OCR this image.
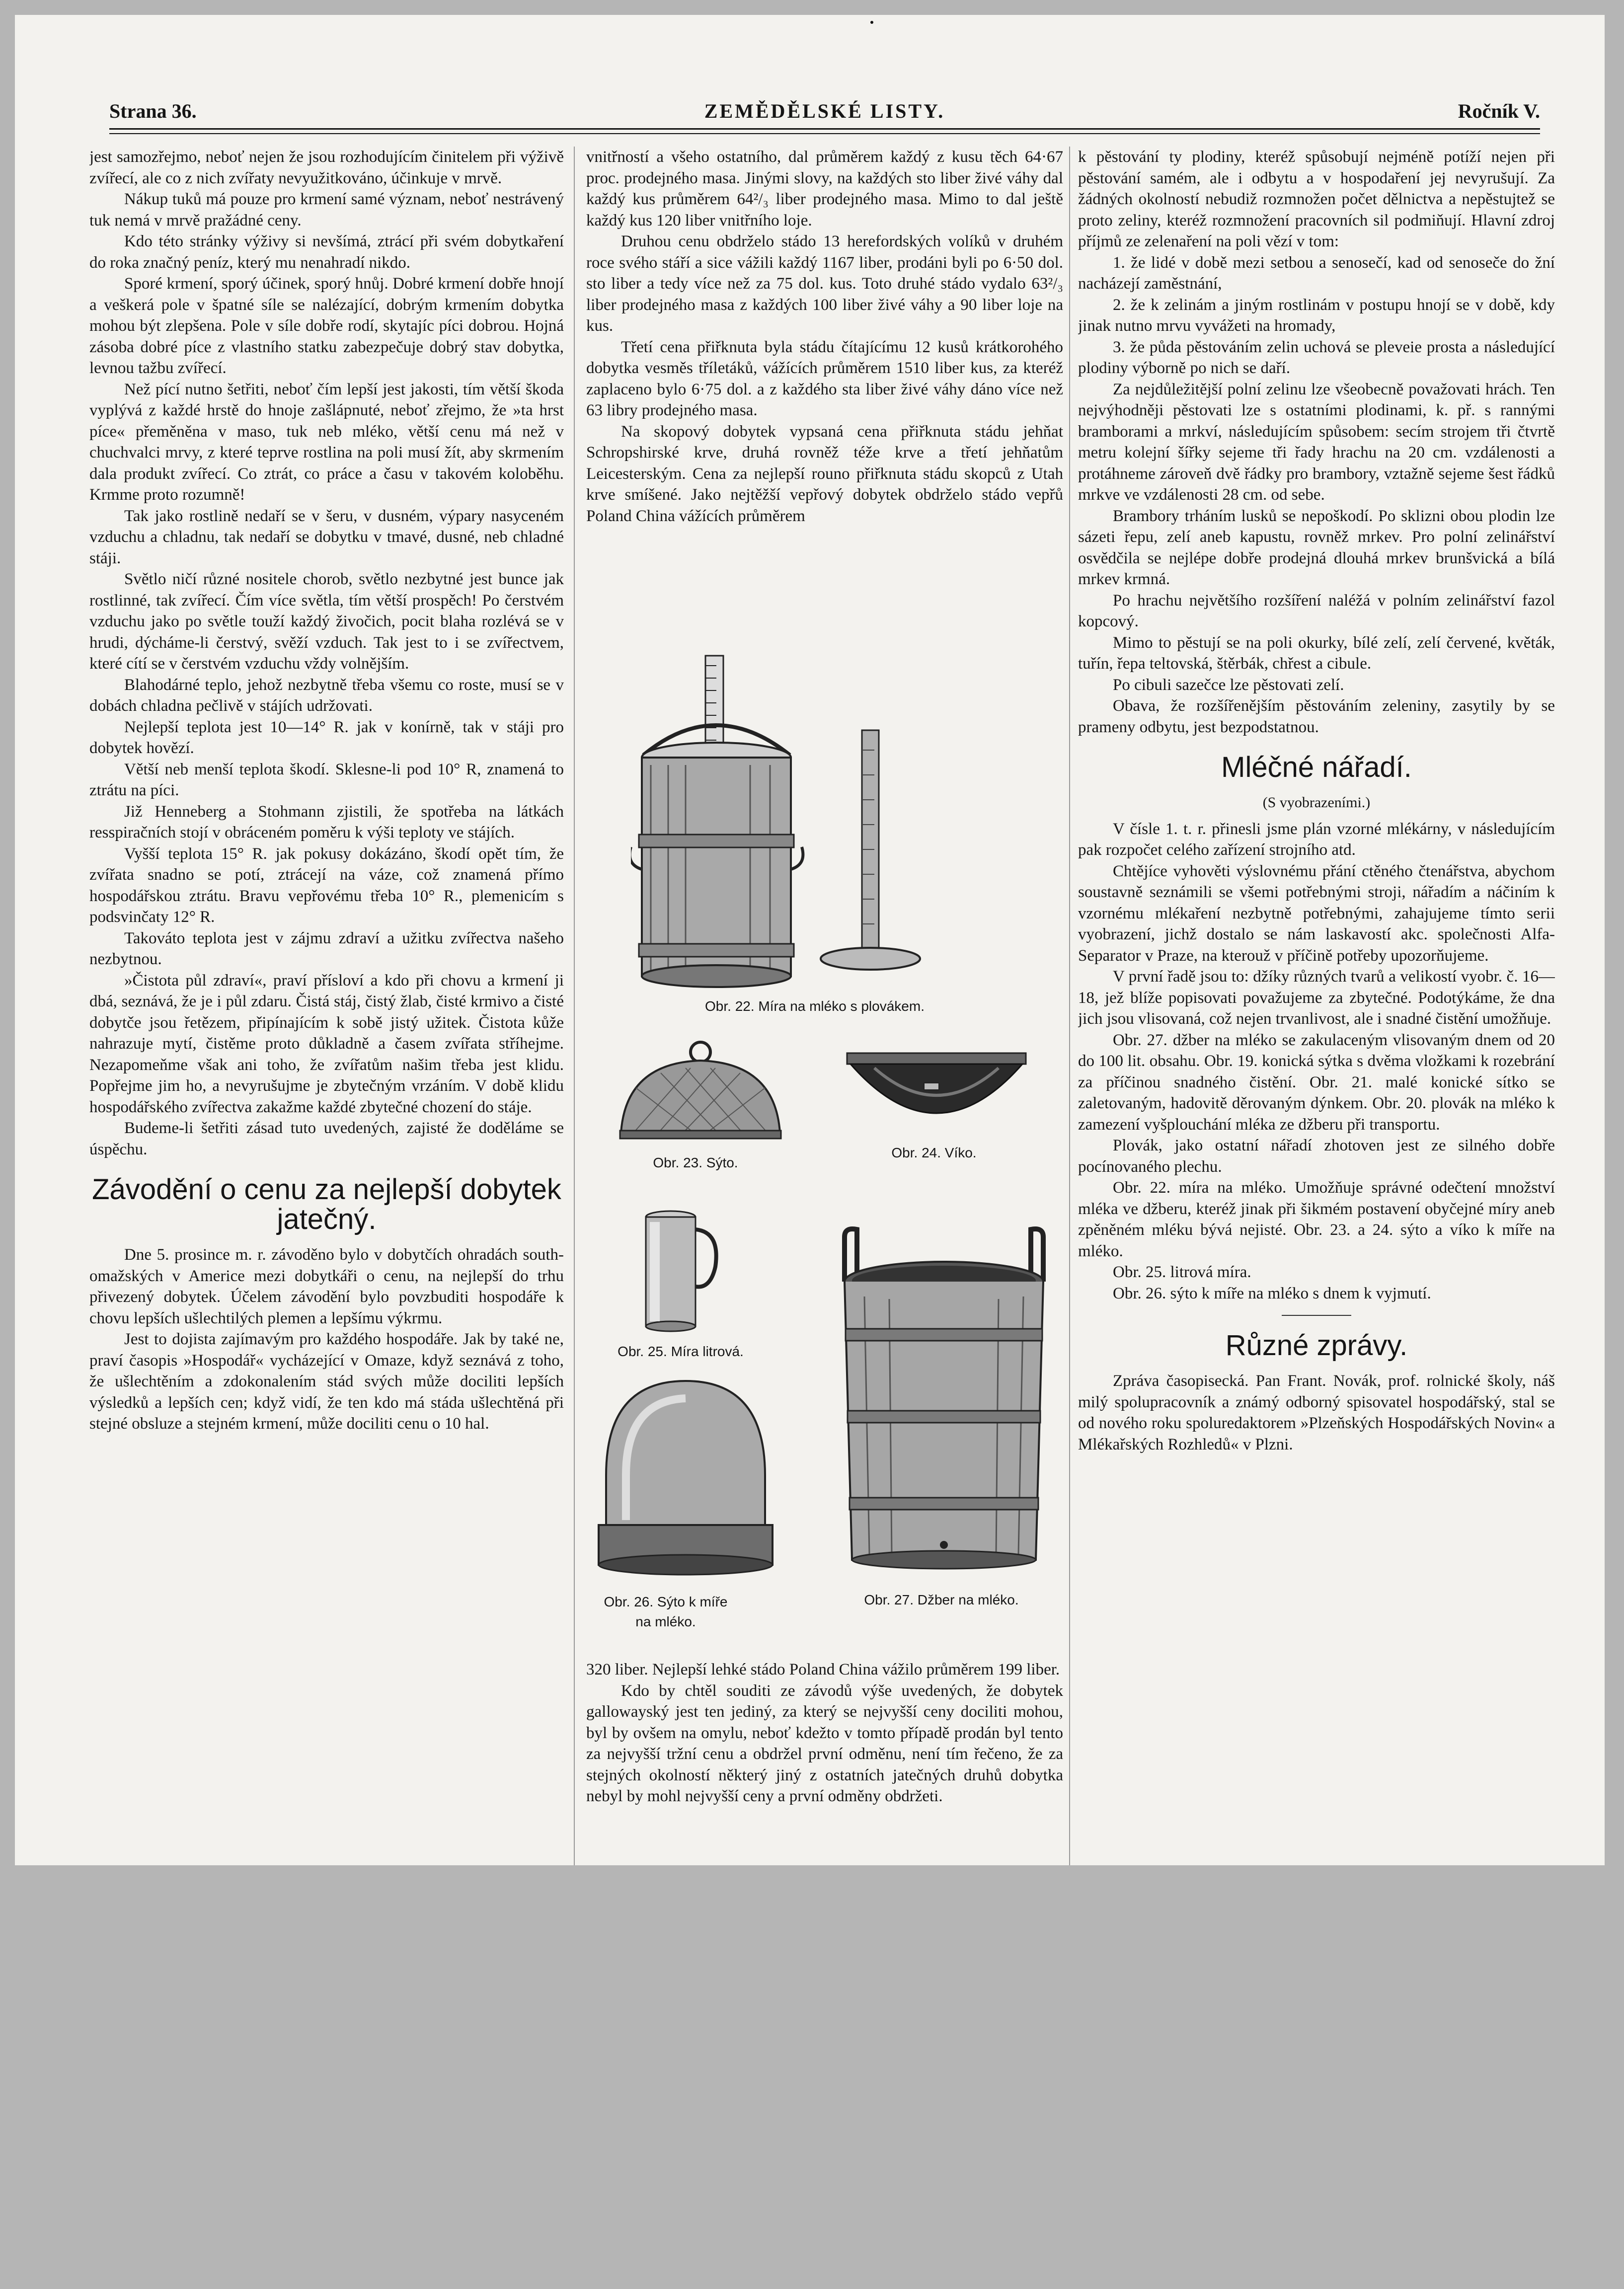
Strana 36.	ZEMĚDĚLSKÉ LISTY.	Ročník V.

jest samozřejmo, neboť nejen že jsou rozhodujícím činitelem při výživě zvířecí, ale co z nich zvířaty nevyužitkováno, účinkuje v mrvě.

Nákup tuků má pouze pro krmení samé význam, neboť nestrávený tuk nemá v mrvě pražádné ceny.

Kdo této stránky výživy si nevšímá, ztrácí při svém dobytkaření do roka značný peníz, který mu nenahradí nikdo.

Sporé krmení, sporý účinek, sporý hnůj. Dobré krmení dobře hnojí a veškerá pole v špatné síle se nalézající, dobrým krmením dobytka mohou být zlepšena. Pole v síle dobře rodí, skytajíc píci dobrou. Hojná zásoba dobré píce z vlastního statku zabezpečuje dobrý stav dobytka, levnou tažbu zvířecí.

Než pící nutno šetřiti, neboť čím lepší jest jakosti, tím větší škoda vyplývá z každé hrstě do hnoje zašlápnuté, neboť zřejmo, že »ta hrst píce« přeměněna v maso, tuk neb mléko, větší cenu má než v chuchvalci mrvy, z které teprve rostlina na poli musí žít, aby skrmením dala produkt zvířecí. Co ztrát, co práce a času v takovém koloběhu. Krmme proto rozumně!

Tak jako rostlině nedaří se v šeru, v dusném, výpary nasyceném vzduchu a chladnu, tak nedaří se dobytku v tmavé, dusné, neb chladné stáji.

Světlo ničí různé nositele chorob, světlo nezbytné jest bunce jak rostlinné, tak zvířecí. Čím více světla, tím větší prospěch! Po čerstvém vzduchu jako po světle touží každý živočich, pocit blaha rozlévá se v hrudi, dýcháme-li čerstvý, svěží vzduch. Tak jest to i se zvířectvem, které cítí se v čerstvém vzduchu vždy volnějším.

Blahodárné teplo, jehož nezbytně třeba všemu co roste, musí se v dobách chladna pečlivě v stájích udržovati.

Nejlepší teplota jest 10—14° R. jak v konírně, tak v stáji pro dobytek hovězí.

Větší neb menší teplota škodí. Sklesne-li pod 10° R, znamená to ztrátu na píci.

Již Henneberg a Stohmann zjistili, že spotřeba na látkách resspiračních stojí v obráceném poměru k výši teploty ve stájích.

Vyšší teplota 15° R. jak pokusy dokázáno, škodí opět tím, že zvířata snadno se potí, ztrácejí na váze, což znamená přímo hospodářskou ztrátu. Bravu vepřovému třeba 10° R., plemenicím s podsvinčaty 12° R.

Takováto teplota jest v zájmu zdraví a užitku zvířectva našeho nezbytnou.

»Čistota půl zdraví«, praví přísloví a kdo při chovu a krmení ji dbá, seznává, že je i půl zdaru. Čistá stáj, čistý žlab, čisté krmivo a čisté dobytče jsou řetězem, připínajícím k sobě jistý užitek. Čistota kůže nahrazuje mytí, čistěme proto důkladně a časem zvířata stříhejme. Nezapomeňme však ani toho, že zvířatům našim třeba jest klidu. Popřejme jim ho, a nevyrušujme je zbytečným vrzáním. V době klidu hospodářského zvířectva zakažme každé zbytečné chození do stáje.

Budeme-li šetřiti zásad tuto uvedených, zajisté že doděláme se úspěchu.

Závodění o cenu za nejlepší dobytek jatečný.

Dne 5. prosince m. r. závoděno bylo v dobytčích ohradách south-omažských v Americe mezi dobytkáři o cenu, na nejlepší do trhu přivezený dobytek. Účelem závodění bylo povzbuditi hospodáře k chovu lepších ušlechtilých plemen a lepšímu výkrmu.

Jest to dojista zajímavým pro každého hospodáře. Jak by také ne, praví časopis »Hospodář« vycházející v Omaze, když seznává z toho, že ušlechtěním a zdokonalením stád svých může dociliti lepších výsledků a lepších cen; když vidí, že ten kdo má stáda ušlechtěná při stejné obsluze a stejném krmení, může dociliti cenu o 10 hal.

vnitřností a všeho ostatního, dal průměrem každý z kusu těch 64·67 proc. prodejného masa. Jinými slovy, na každých sto liber živé váhy dal každý kus průměrem 64²/₃ liber prodejného masa. Mimo to dal ještě každý kus 120 liber vnitřního loje.

Druhou cenu obdrželo stádo 13 herefordských volíků v druhém roce svého stáří a sice vážili každý 1167 liber, prodáni byli po 6·50 dol. sto liber a tedy více než za 75 dol. kus. Toto druhé stádo vydalo 63²/₃ liber prodejného masa z každých 100 liber živé váhy a 90 liber loje na kus.

Třetí cena přiřknuta byla stádu čítajícímu 12 kusů krátkorohého dobytka vesměs tříletáků, vážících průměrem 1510 liber kus, za kteréž zaplaceno bylo 6·75 dol. a z každého sta liber živé váhy dáno více než 63 libry prodejného masa.

Na skopový dobytek vypsaná cena přiřknuta stádu jehňat Schropshirské krve, druhá rovněž téže krve a třetí jehňatům Leicesterským. Cena za nejlepší rouno přiřknuta stádu skopců z Utah krve smíšené. Jako nejtěžší vepřový dobytek obdrželo stádo vepřů Poland China vážících průměrem

Obr. 22. Míra na mléko s plovákem.
Obr. 23. Sýto.
Obr. 24. Víko.
Obr. 25. Míra litrová.
Obr. 26. Sýto k míře na mléko.
Obr. 27. Džber na mléko.

320 liber. Nejlepší lehké stádo Poland China vážilo průměrem 199 liber.

Kdo by chtěl souditi ze závodů výše uvedených, že dobytek gallowayský jest ten jediný, za který se nejvyšší ceny dociliti mohou, byl by ovšem na omylu, neboť kdežto v tomto případě prodán byl tento za nejvyšší tržní cenu a obdržel první odměnu, není tím řečeno, že za stejných okolností některý jiný z ostatních jatečných druhů dobytka nebyl by mohl nejvyšší ceny a první odměny obdržeti.

k pěstování ty plodiny, kteréž spůsobují nejméně potíží nejen při pěstování samém, ale i odbytu a v hospodaření jej nevyrušují. Za žádných okolností nebudiž rozmnožen počet dělnictva a nepěstujtež se proto zeliny, kteréž rozmnožení pracovních sil podmiňují. Hlavní zdroj příjmů ze zelenaření na poli vězí v tom:

1. že lidé v době mezi setbou a senosečí, kad od senoseče do žní nacházejí zaměstnání,

2. že k zelinám a jiným rostlinám v postupu hnojí se v době, kdy jinak nutno mrvu vyvážeti na hromady,

3. že půda pěstováním zelin uchová se pleveie prosta a následující plodiny výborně po nich se daří.

Za nejdůležitější polní zelinu lze všeobecně považovati hrách. Ten nejvýhodněji pěstovati lze s ostatními plodinami, k. př. s rannými bramborami a mrkví, následujícím spůsobem: secím strojem tři čtvrtě metru kolejní šířky sejeme tři řady hrachu na 20 cm. vzdálenosti a protáhneme zároveň dvě řádky pro brambory, vztažně sejeme šest řádků mrkve ve vzdálenosti 28 cm. od sebe.

Brambory trháním lusků se nepoškodí. Po sklizni obou plodin lze sázeti řepu, zelí aneb kapustu, rovněž mrkev. Pro polní zelinářství osvědčila se nejlépe dobře prodejná dlouhá mrkev brunšvická a bílá mrkev krmná.

Po hrachu největšího rozšíření naléžá v polním zelinářství fazol kopcový.

Mimo to pěstují se na poli okurky, bílé zelí, zelí červené, květák, tuřín, řepa teltovská, štěrbák, chřest a cibule.

Po cibuli sazečce lze pěstovati zelí.

Obava, že rozšířenějším pěstováním zeleniny, zasytily by se prameny odbytu, jest bezpodstatnou.

Mléčné nářadí.
(S vyobrazeními.)

V čísle 1. t. r. přinesli jsme plán vzorné mlékárny, v následujícím pak rozpočet celého zařízení strojního atd.

Chtějíce vyhověti výslovnému přání ctěného čtenářstva, abychom soustavně seznámili se všemi potřebnými stroji, nářadím a náčiním k vzornému mlékaření nezbytně potřebnými, zahajujeme tímto serii vyobrazení, jichž dostalo se nám laskavostí akc. společnosti Alfa-Separator v Praze, na kterouž v příčině potřeby upozorňujeme.

V první řadě jsou to: džíky různých tvarů a velikostí vyobr. č. 16—18, jež blíže popisovati považujeme za zbytečné. Podotýkáme, že dna jich jsou vlisovaná, což nejen trvanlivost, ale i snadné čistění umožňuje.

Obr. 27. džber na mléko se zakulaceným vlisovaným dnem od 20 do 100 lit. obsahu. Obr. 19. konická sýtka s dvěma vložkami k rozebrání za příčinou snadného čistění. Obr. 21. malé konické sítko se zaletovaným, hadovitě děrovaným dýnkem. Obr. 20. plovák na mléko k zamezení vyšplouchání mléka ze džberu při transportu.

Plovák, jako ostatní nářadí zhotoven jest ze silného dobře pocínovaného plechu.

Obr. 22. míra na mléko. Umožňuje správné odečtení množství mléka ve džberu, kteréž jinak při šikmém postavení obyčejné míry aneb zpěněném mléku bývá nejisté. Obr. 23. a 24. sýto a víko k míře na mléko.

Obr. 25. litrová míra.

Obr. 26. sýto k míře na mléko s dnem k vyjmutí.

Různé zprávy.

Zpráva časopisecká. Pan Frant. Novák, prof. rolnické školy, náš milý spolupracovník a známý odborný spisovatel hospodářský, stal se od nového roku spoluredaktorem »Plzeňských Hospodářských Novin« a Mlékařských Rozhledů« v Plzni.
